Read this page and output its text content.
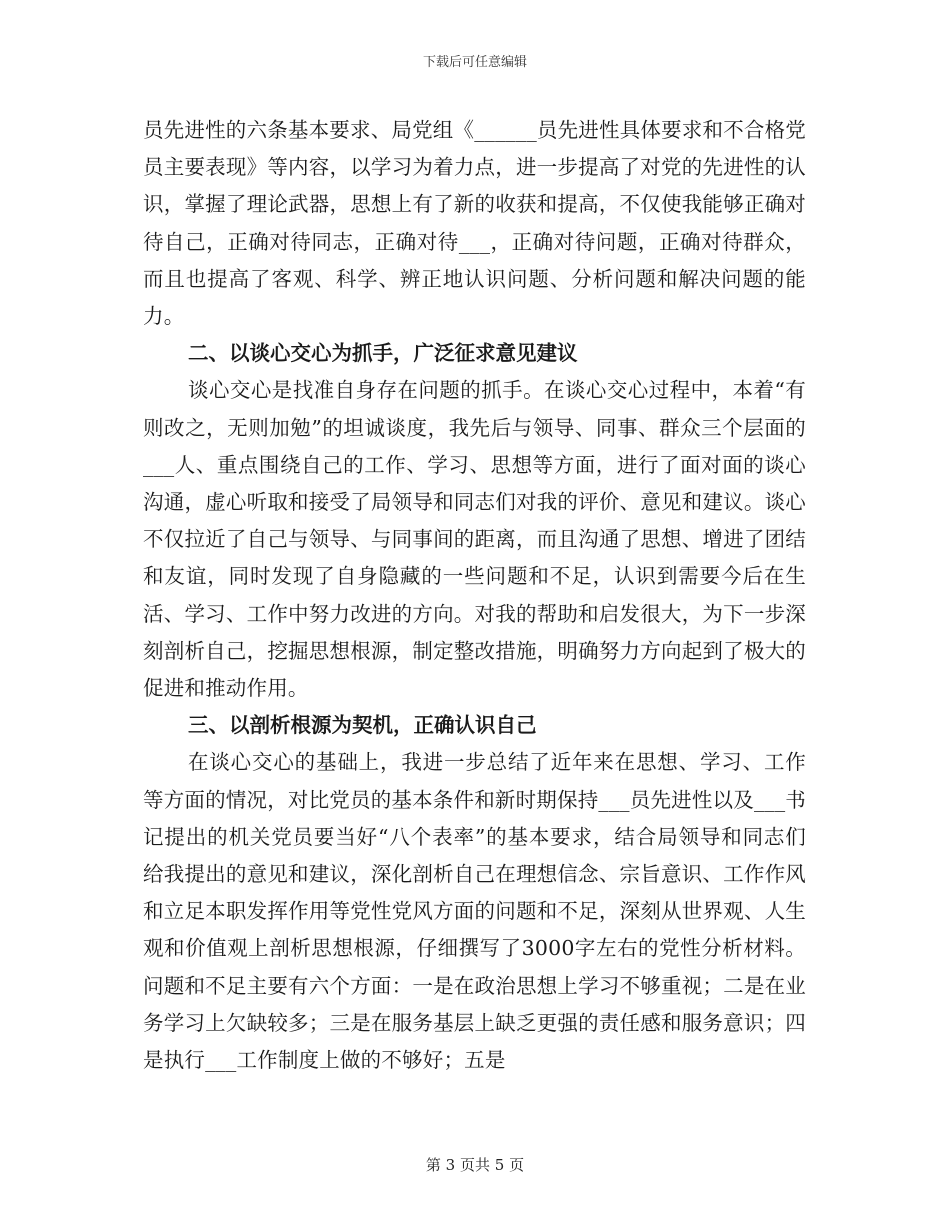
下载后可任意编辑

员先进性的六条基本要求、局党组《______员先进性具体要求和不合格党员主要表现》等内容，以学习为着力点，进一步提高了对党的先进性的认识，掌握了理论武器，思想上有了新的收获和提高，不仅使我能够正确对待自己，正确对待同志，正确对待___，正确对待问题，正确对待群众，而且也提高了客观、科学、辨正地认识问题、分析问题和解决问题的能力。

二、以谈心交心为抓手，广泛征求意见建议

谈心交心是找准自身存在问题的抓手。在谈心交心过程中，本着“有则改之，无则加勉”的坦诚谈度，我先后与领导、同事、群众三个层面的___人、重点围绕自己的工作、学习、思想等方面，进行了面对面的谈心沟通，虚心听取和接受了局领导和同志们对我的评价、意见和建议。谈心不仅拉近了自己与领导、与同事间的距离，而且沟通了思想、增进了团结和友谊，同时发现了自身隐藏的一些问题和不足，认识到需要今后在生活、学习、工作中努力改进的方向。对我的帮助和启发很大，为下一步深刻剖析自己，挖掘思想根源，制定整改措施，明确努力方向起到了极大的促进和推动作用。

三、以剖析根源为契机，正确认识自己

在谈心交心的基础上，我进一步总结了近年来在思想、学习、工作等方面的情况，对比党员的基本条件和新时期保持___员先进性以及___书记提出的机关党员要当好“八个表率”的基本要求，结合局领导和同志们给我提出的意见和建议，深化剖析自己在理想信念、宗旨意识、工作作风和立足本职发挥作用等党性党风方面的问题和不足，深刻从世界观、人生观和价值观上剖析思想根源，仔细撰写了3000字左右的党性分析材料。问题和不足主要有六个方面：一是在政治思想上学习不够重视；二是在业务学习上欠缺较多；三是在服务基层上缺乏更强的责任感和服务意识；四是执行___工作制度上做的不够好；五是

第 3 页共 5 页
